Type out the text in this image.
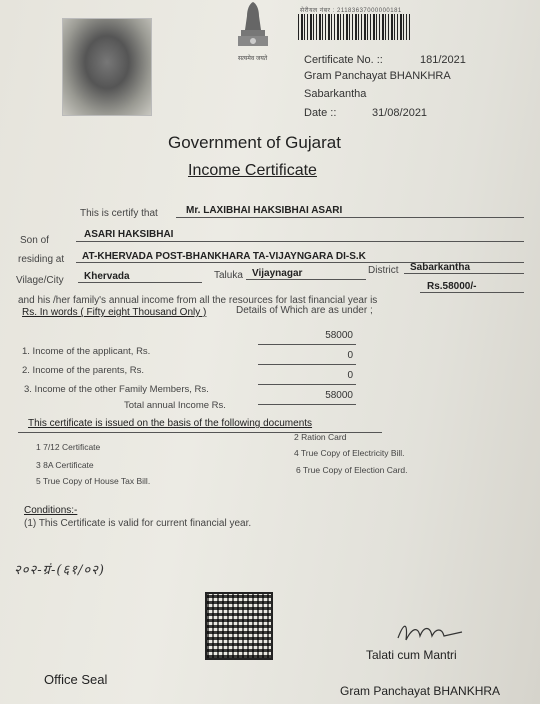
सत्यमेव जयते
सेरीयल नंबर : 21183637000000181
Certificate No. ::	181/2021
Gram Panchayat BHANKHRA
Sabarkantha
Date ::	31/08/2021
Government of Gujarat
Income Certificate
This is certify that	Mr. LAXIBHAI HAKSIBHAI ASARI
Son of
ASARI HAKSIBHAI
residing at AT-KHERVADA POST-BHANKHARA TA-VIJAYNGARA DI-S.K
Vilage/City Khervada	Taluka Vijaynagar	District Sabarkantha
and his /her family's annual income from all the resources for last financial year is
Rs.58000/-
Rs. In words ( Fifty eight Thousand Only )	Details of Which are as under ;
1. Income of the applicant, Rs.
58000
2. Income of the parents, Rs.
0
3. Income of the other Family Members, Rs.
0
Total annual Income Rs.
58000
This certificate is issued on the basis of the following documents
1 7/12 Certificate
2 Ration Card
3 8A Certificate
4 True Copy of Electricity Bill.
5 True Copy of House Tax Bill.
6 True Copy of Election Card.
Conditions:-
(1) This Certificate is valid for current financial year.
२०२-ग्रं-(६१/०२)
Office Seal
Talati cum Mantri
Gram Panchayat BHANKHRA
